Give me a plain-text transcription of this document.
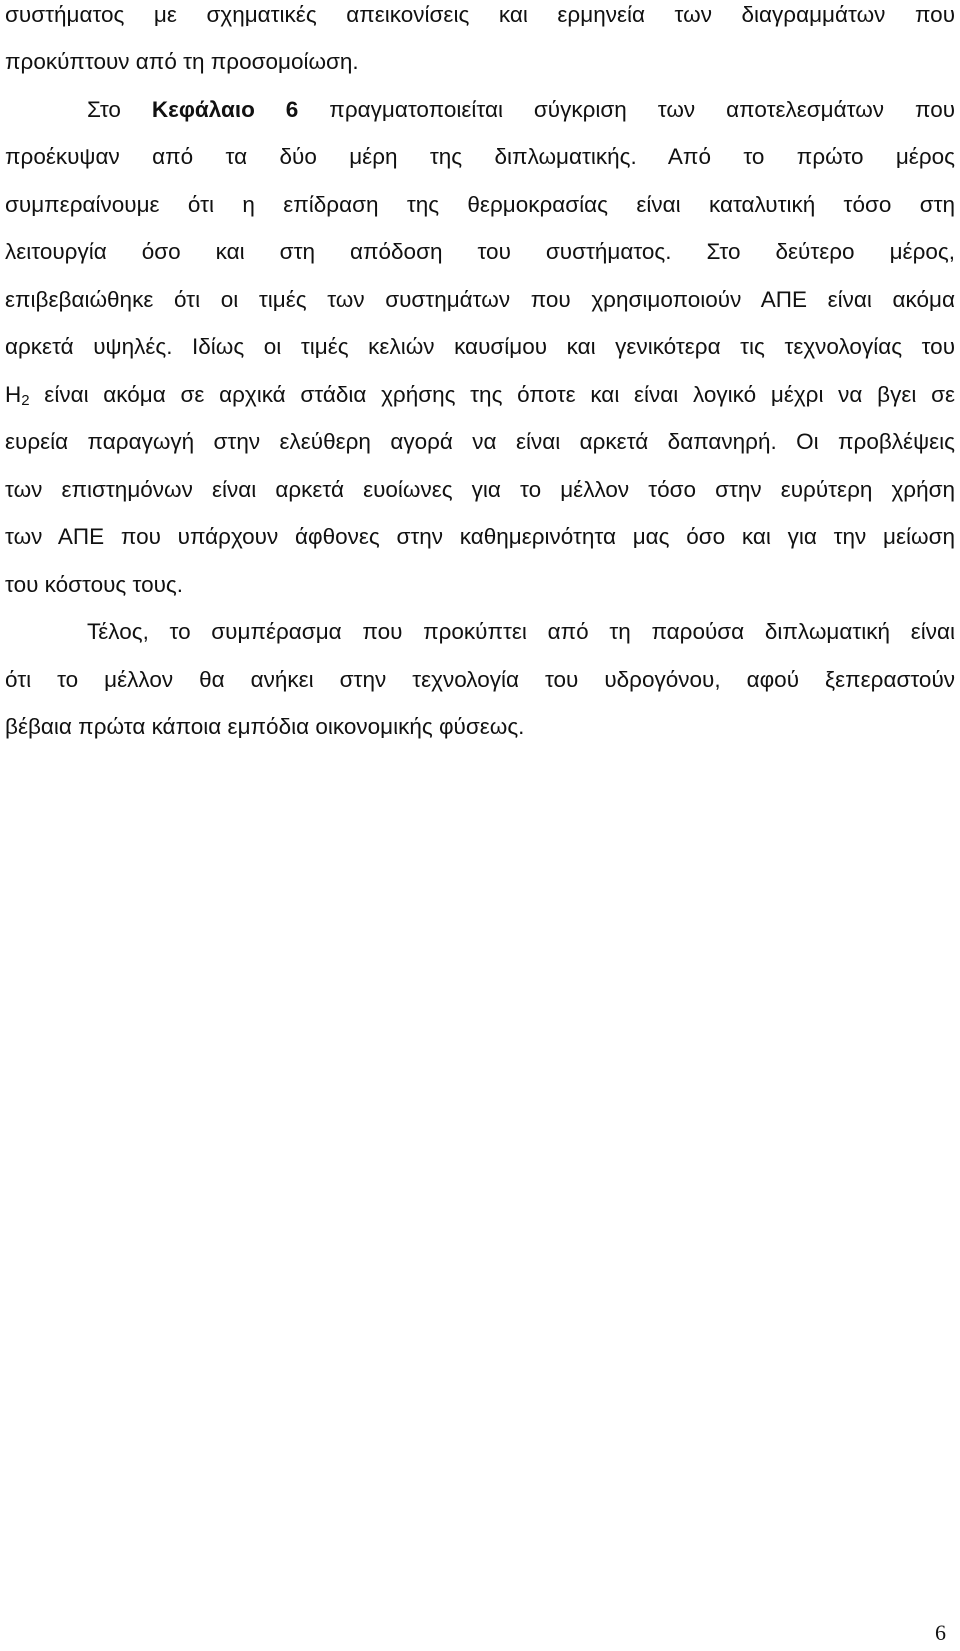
συστήματος με σχηματικές απεικονίσεις και ερμηνεία των διαγραμμάτων που
προκύπτουν από τη προσομοίωση.
Στο Κεφάλαιο 6 πραγματοποιείται σύγκριση των αποτελεσμάτων που
προέκυψαν από τα δύο μέρη της διπλωματικής. Από το πρώτο μέρος
συμπεραίνουμε ότι η επίδραση της θερμοκρασίας είναι καταλυτική τόσο στη
λειτουργία όσο και στη απόδοση του συστήματος. Στο δεύτερο μέρος,
επιβεβαιώθηκε ότι οι τιμές των συστημάτων που χρησιμοποιούν ΑΠΕ είναι ακόμα
αρκετά υψηλές. Ιδίως οι τιμές κελιών καυσίμου και γενικότερα τις τεχνολογίας του
$H_2$ είναι ακόμα σε αρχικά στάδια χρήσης της όποτε και είναι λογικό μέχρι να βγει σε
ευρεία παραγωγή στην ελεύθερη αγορά να είναι αρκετά δαπανηρή. Οι προβλέψεις
των επιστημόνων είναι αρκετά ευοίωνες για το μέλλον τόσο στην ευρύτερη χρήση
των ΑΠΕ που υπάρχουν άφθονες στην καθημερινότητα μας όσο και για την μείωση
του κόστους τους.
Τέλος, το συμπέρασμα που προκύπτει από τη παρούσα διπλωματική είναι
ότι το μέλλον θα ανήκει στην τεχνολογία του υδρογόνου, αφού ξεπεραστούν
βέβαια πρώτα κάποια εμπόδια οικονομικής φύσεως.
6
